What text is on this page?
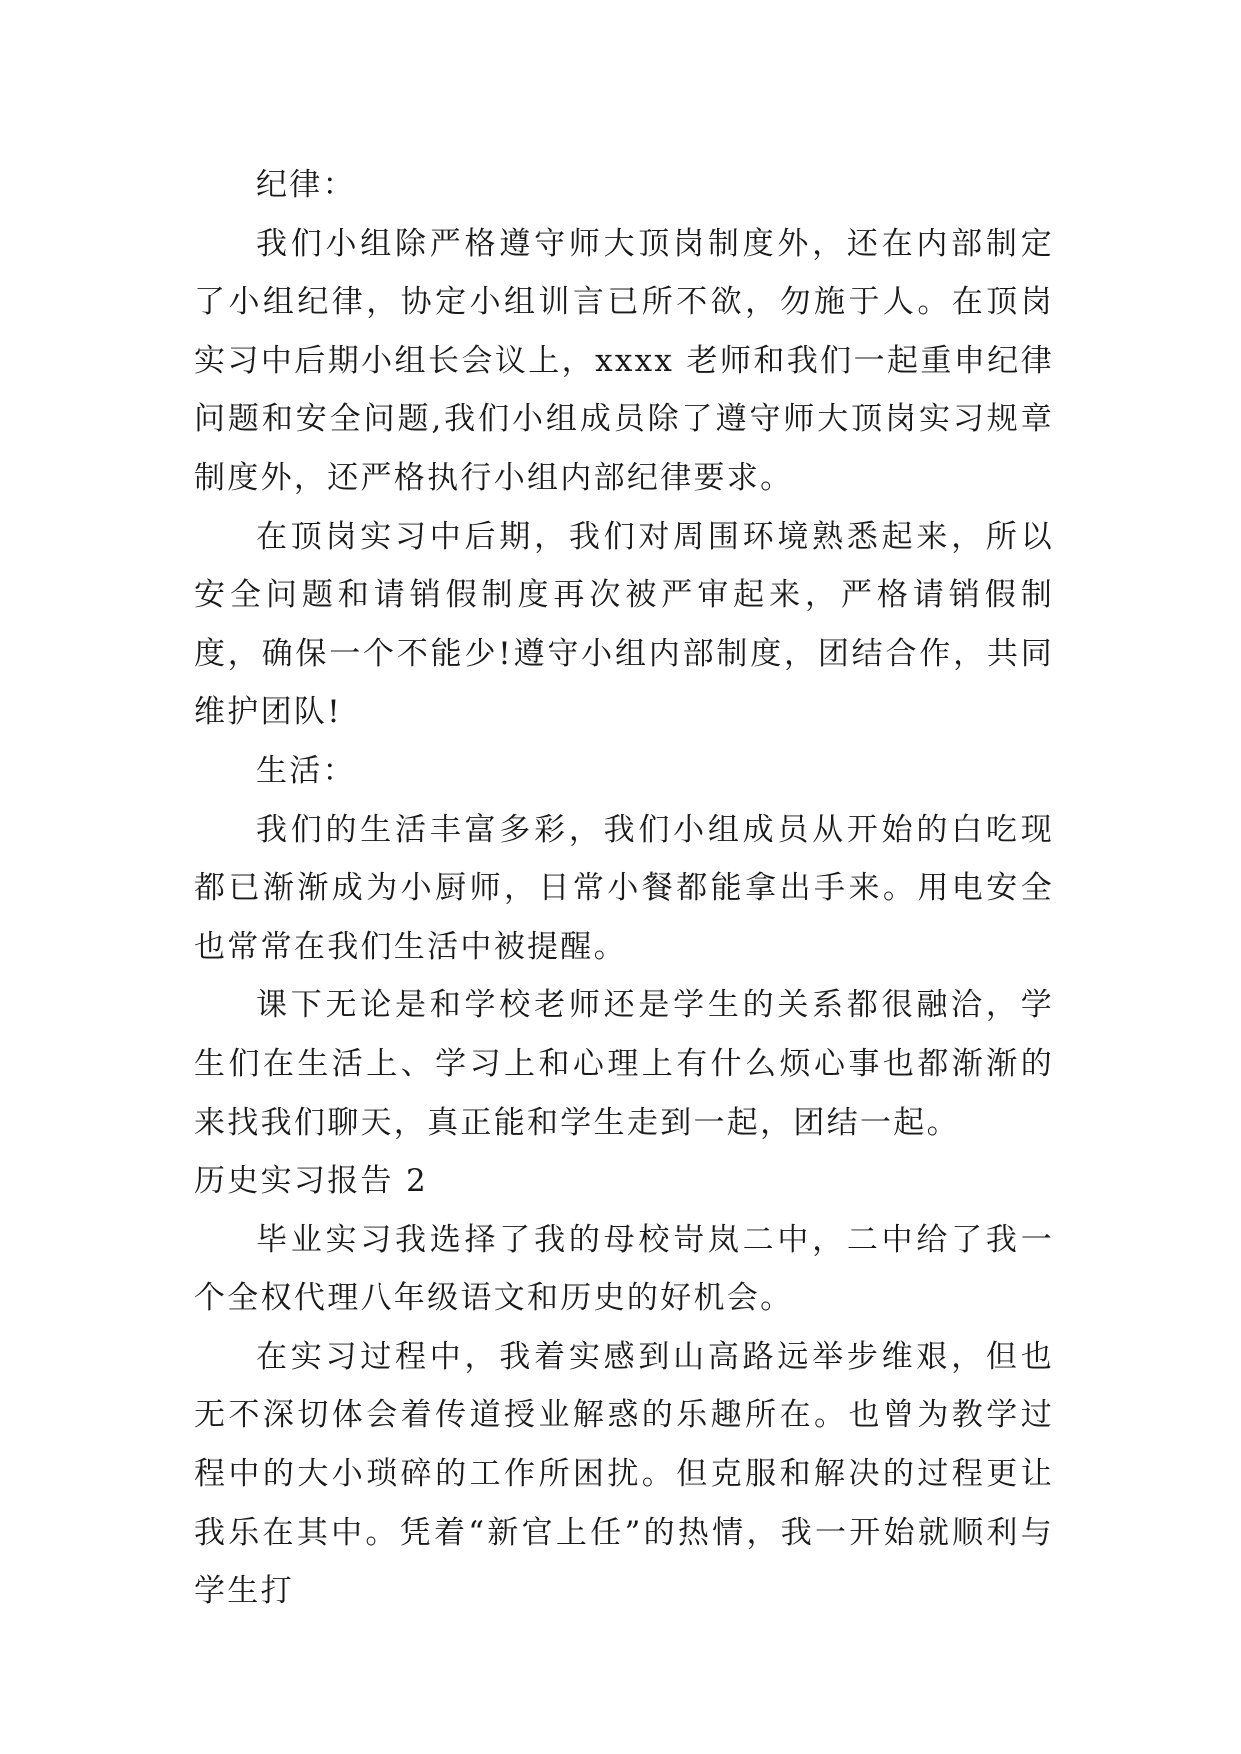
纪律：

我们小组除严格遵守师大顶岗制度外，还在内部制定了小组纪律，协定小组训言已所不欲，勿施于人。在顶岗实习中后期小组长会议上，xxxx 老师和我们一起重申纪律问题和安全问题,我们小组成员除了遵守师大顶岗实习规章制度外，还严格执行小组内部纪律要求。

在顶岗实习中后期，我们对周围环境熟悉起来，所以安全问题和请销假制度再次被严审起来，严格请销假制度，确保一个不能少!遵守小组内部制度，团结合作，共同维护团队!

生活：

我们的生活丰富多彩，我们小组成员从开始的白吃现都已渐渐成为小厨师，日常小餐都能拿出手来。用电安全也常常在我们生活中被提醒。

课下无论是和学校老师还是学生的关系都很融洽，学生们在生活上、学习上和心理上有什么烦心事也都渐渐的来找我们聊天，真正能和学生走到一起，团结一起。

历史实习报告 2

毕业实习我选择了我的母校岢岚二中，二中给了我一个全权代理八年级语文和历史的好机会。

在实习过程中，我着实感到山高路远举步维艰，但也无不深切体会着传道授业解惑的乐趣所在。也曾为教学过程中的大小琐碎的工作所困扰。但克服和解决的过程更让我乐在其中。凭着“新官上任”的热情，我一开始就顺利与学生打
